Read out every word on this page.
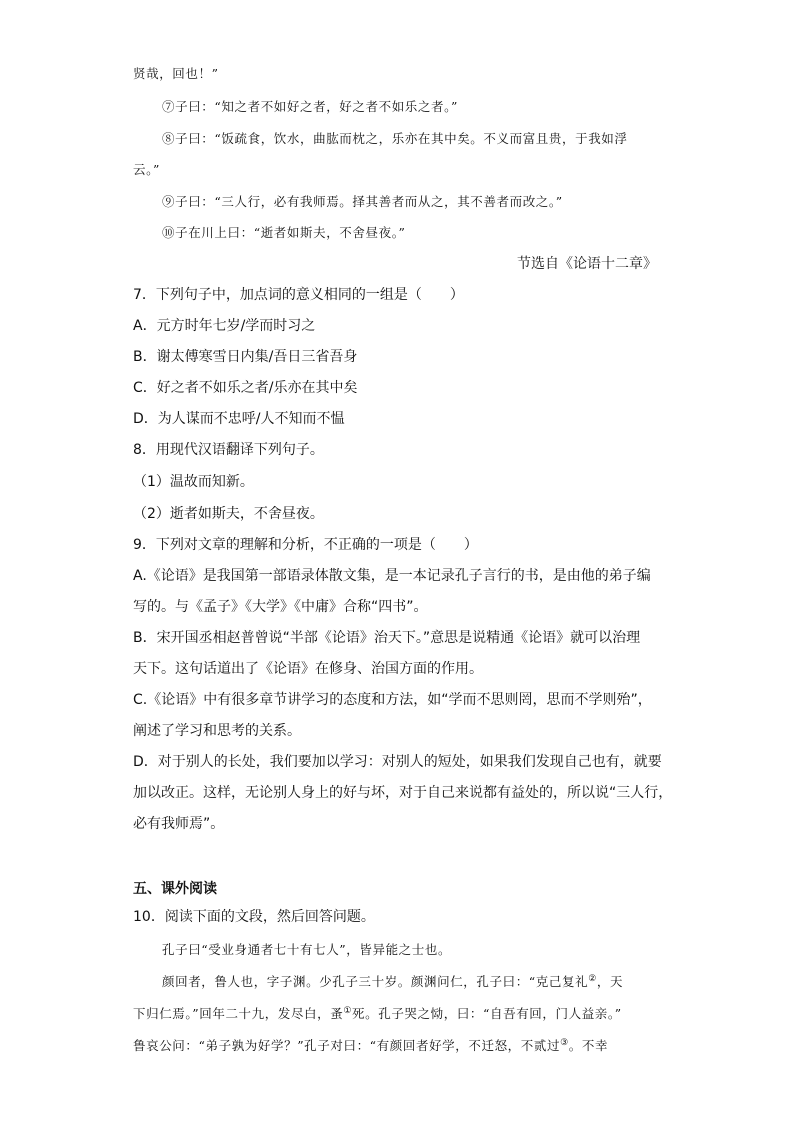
贤哉，回也！”
⑦子曰：“知之者不如好之者，好之者不如乐之者。”
⑧子曰：“饭疏食，饮水，曲肱而枕之，乐亦在其中矣。不义而富且贵，于我如浮
云。”
⑨子曰：“三人行，必有我师焉。择其善者而从之，其不善者而改之。”
⑩子在川上曰：“逝者如斯夫，不舍昼夜。”
节选自《论语十二章》
7．下列句子中，加点词的意义相同的一组是（　　）
A．元方时年七岁/学而时习之
B．谢太傅寒雪日内集/吾日三省吾身
C．好之者不如乐之者/乐亦在其中矣
D．为人谋而不忠呼/人不知而不愠
8．用现代汉语翻译下列句子。
（1）温故而知新。
（2）逝者如斯夫，不舍昼夜。
9．下列对文章的理解和分析，不正确的一项是（　　）
A.《论语》是我国第一部语录体散文集，是一本记录孔子言行的书，是由他的弟子编
写的。与《孟子》《大学》《中庸》合称“四书”。
B．宋开国丞相赵普曾说“半部《论语》治天下。”意思是说精通《论语》就可以治理
天下。这句话道出了《论语》在修身、治国方面的作用。
C.《论语》中有很多章节讲学习的态度和方法，如“学而不思则罔，思而不学则殆”，
阐述了学习和思考的关系。
D．对于别人的长处，我们要加以学习：对别人的短处，如果我们发现自己也有，就要
加以改正。这样，无论别人身上的好与坏，对于自己来说都有益处的，所以说“三人行，
必有我师焉”。
五、课外阅读
10．阅读下面的文段，然后回答问题。
孔子曰“受业身通者七十有七人”，皆异能之士也。
颜回者，鲁人也，字子渊。少孔子三十岁。颜渊问仁，孔子曰：“克己复礼②，天
下归仁焉。”回年二十九，发尽白，蚤①死。孔子哭之恸，曰：“自吾有回，门人益亲。”
鲁哀公问：“弟子孰为好学？”孔子对曰：“有颜回者好学，不迁怒，不贰过③。不幸
